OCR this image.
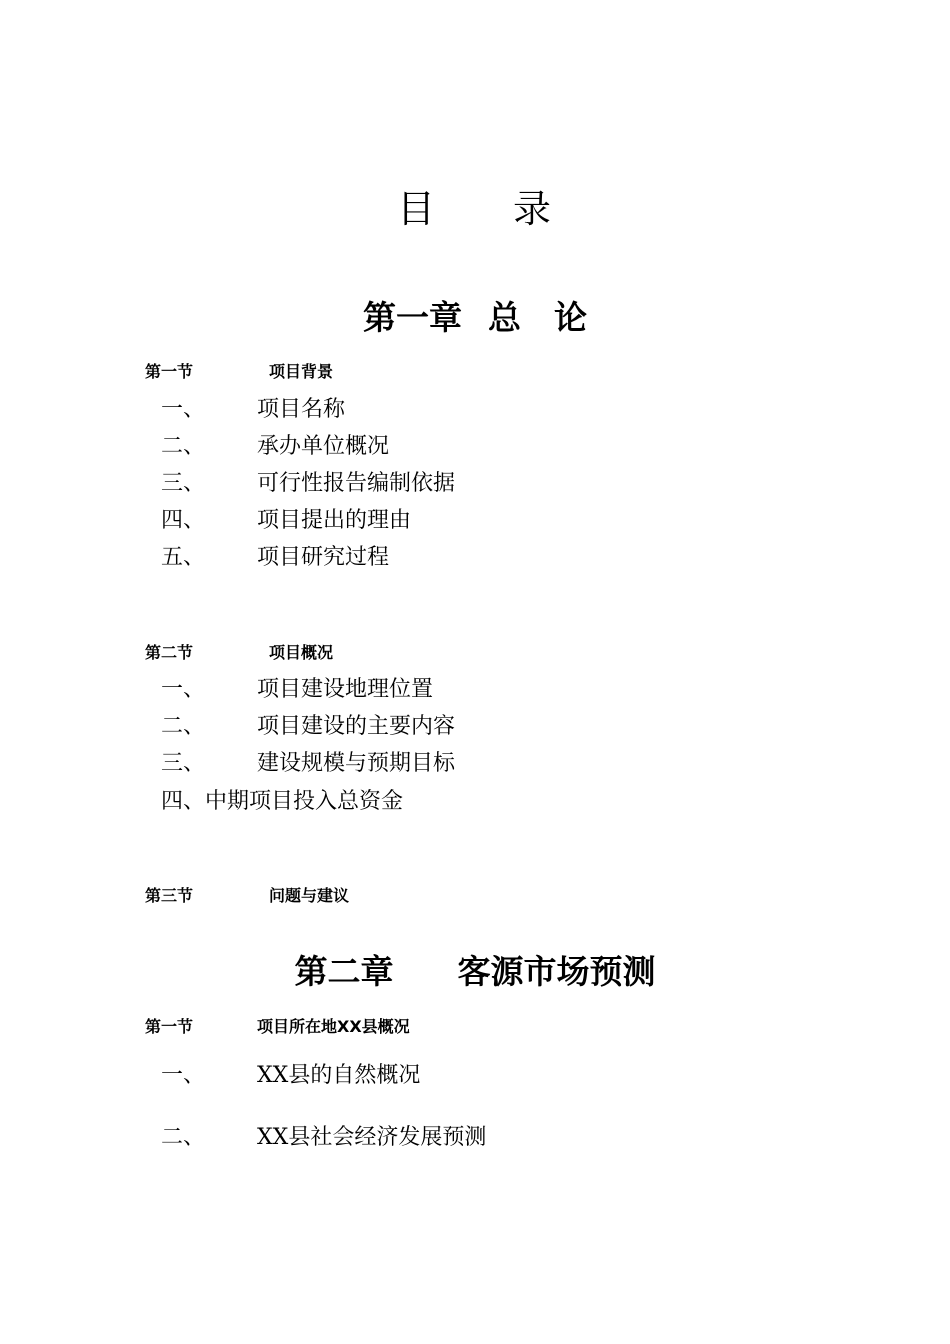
目 录
第一章 总　论
第一节	项目背景
一、 项目名称
二、 承办单位概况
三、 可行性报告编制依据
四、 项目提出的理由
五、 项目研究过程
第二节	项目概况
一、 项目建设地理位置
二、 项目建设的主要内容
三、 建设规模与预期目标
四、中期项目投入总资金
第三节	问题与建议
第二章 客源市场预测
第一节	项目所在地XX县概况
一、 XX县的自然概况
二、 XX县社会经济发展预测
